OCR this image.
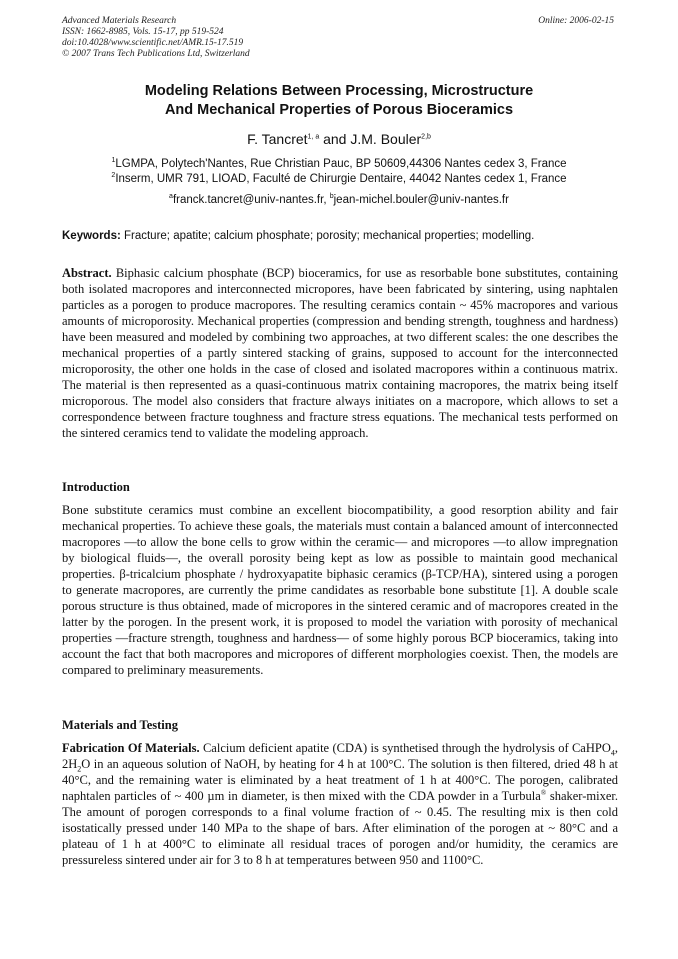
Advanced Materials Research
ISSN: 1662-8985, Vols. 15-17, pp 519-524
doi:10.4028/www.scientific.net/AMR.15-17.519
© 2007 Trans Tech Publications Ltd, Switzerland
Online: 2006-02-15
Modeling Relations Between Processing, Microstructure
And Mechanical Properties of Porous Bioceramics
F. Tancret$^{1, a}$ and J.M. Bouler$^{2,b}$
$^1$LGMPA, Polytech'Nantes, Rue Christian Pauc, BP 50609,44306 Nantes cedex 3, France
$^2$Inserm, UMR 791, LIOAD, Faculté de Chirurgie Dentaire, 44042 Nantes cedex 1, France
$^a$franck.tancret@univ-nantes.fr, $^b$jean-michel.bouler@univ-nantes.fr
Keywords: Fracture; apatite; calcium phosphate; porosity; mechanical properties; modelling.
Abstract. Biphasic calcium phosphate (BCP) bioceramics, for use as resorbable bone substitutes, containing both isolated macropores and interconnected micropores, have been fabricated by sintering, using naphtalen particles as a porogen to produce macropores. The resulting ceramics contain ~ 45% macropores and various amounts of microporosity. Mechanical properties (compression and bending strength, toughness and hardness) have been measured and modeled by combining two approaches, at two different scales: the one describes the mechanical properties of a partly sintered stacking of grains, supposed to account for the interconnected microporosity, the other one holds in the case of closed and isolated macropores within a continuous matrix. The material is then represented as a quasi-continuous matrix containing macropores, the matrix being itself microporous. The model also considers that fracture always initiates on a macropore, which allows to set a correspondence between fracture toughness and fracture stress equations. The mechanical tests performed on the sintered ceramics tend to validate the modeling approach.
Introduction
Bone substitute ceramics must combine an excellent biocompatibility, a good resorption ability and fair mechanical properties. To achieve these goals, the materials must contain a balanced amount of interconnected macropores —to allow the bone cells to grow within the ceramic— and micropores —to allow impregnation by biological fluids—, the overall porosity being kept as low as possible to maintain good mechanical properties. β-tricalcium phosphate / hydroxyapatite biphasic ceramics (β-TCP/HA), sintered using a porogen to generate macropores, are currently the prime candidates as resorbable bone substitute [1]. A double scale porous structure is thus obtained, made of micropores in the sintered ceramic and of macropores created in the latter by the porogen. In the present work, it is proposed to model the variation with porosity of mechanical properties —fracture strength, toughness and hardness— of some highly porous BCP bioceramics, taking into account the fact that both macropores and micropores of different morphologies coexist. Then, the models are compared to preliminary measurements.
Materials and Testing
Fabrication Of Materials. Calcium deficient apatite (CDA) is synthetised through the hydrolysis of CaHPO$_4$, $2H_2O$ in an aqueous solution of NaOH, by heating for 4 h at 100°C. The solution is then filtered, dried 48 h at 40°C, and the remaining water is eliminated by a heat treatment of 1 h at 400°C. The porogen, calibrated naphtalen particles of ~ 400 µm in diameter, is then mixed with the CDA powder in a Turbula® shaker-mixer. The amount of porogen corresponds to a final volume fraction of ~ 0.45. The resulting mix is then cold isostatically pressed under 140 MPa to the shape of bars. After elimination of the porogen at ~ 80°C and a plateau of 1 h at 400°C to eliminate all residual traces of porogen and/or humidity, the ceramics are pressureless sintered under air for 3 to 8 h at temperatures between 950 and 1100°C.
